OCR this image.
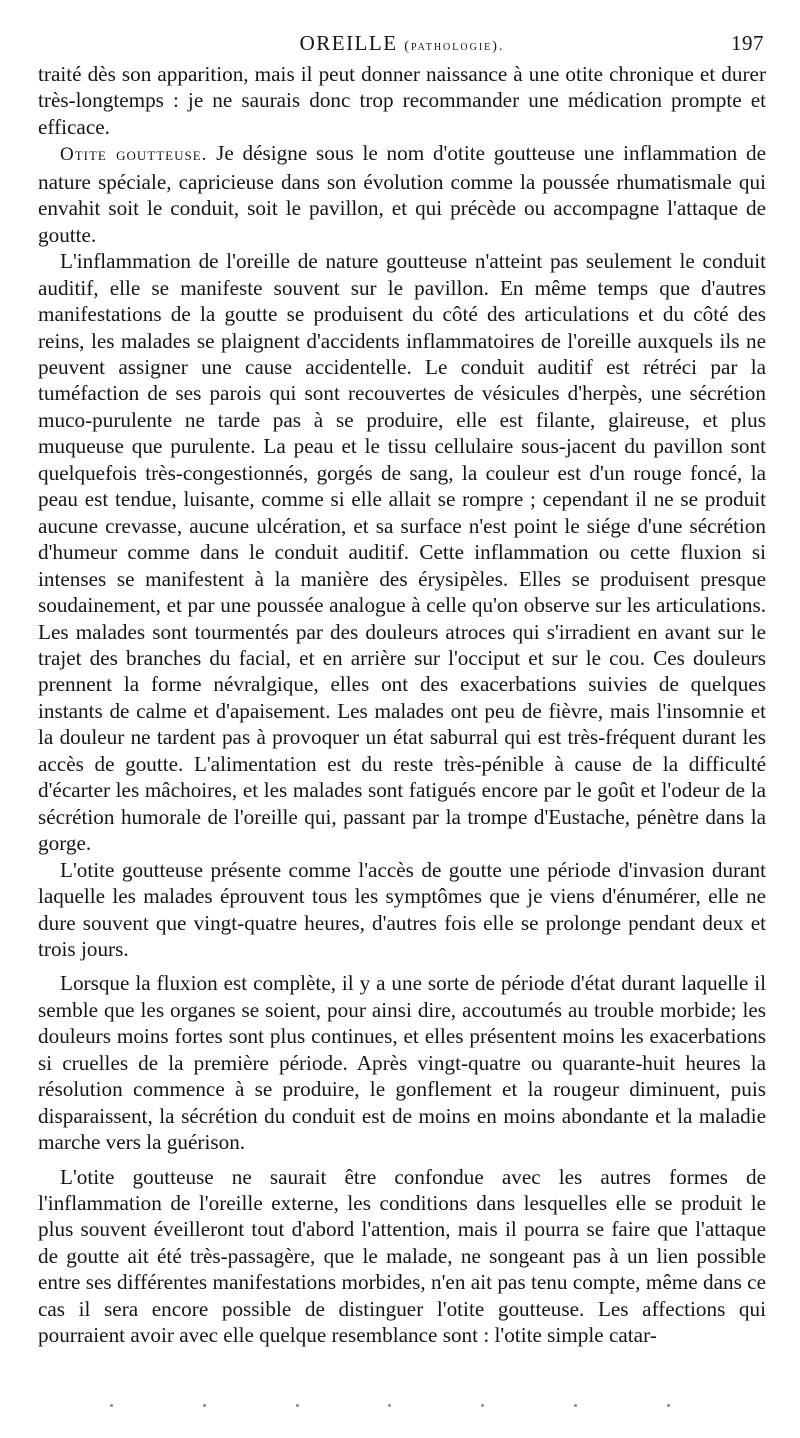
OREILLE (pathologie).	197

traité dès son apparition, mais il peut donner naissance à une otite chronique et durer très-longtemps : je ne saurais donc trop recommander une médication prompte et efficace.

Otite goutteuse. Je désigne sous le nom d'otite goutteuse une inflammation de nature spéciale, capricieuse dans son évolution comme la poussée rhumatismale qui envahit soit le conduit, soit le pavillon, et qui précède ou accompagne l'attaque de goutte.

L'inflammation de l'oreille de nature goutteuse n'atteint pas seulement le conduit auditif, elle se manifeste souvent sur le pavillon. En même temps que d'autres manifestations de la goutte se produisent du côté des articulations et du côté des reins, les malades se plaignent d'accidents inflammatoires de l'oreille auxquels ils ne peuvent assigner une cause accidentelle. Le conduit auditif est rétréci par la tuméfaction de ses parois qui sont recouvertes de vésicules d'herpès, une sécrétion muco-purulente ne tarde pas à se produire, elle est filante, glaireuse, et plus muqueuse que purulente. La peau et le tissu cellulaire sous-jacent du pavillon sont quelquefois très-congestionnés, gorgés de sang, la couleur est d'un rouge foncé, la peau est tendue, luisante, comme si elle allait se rompre ; cependant il ne se produit aucune crevasse, aucune ulcération, et sa surface n'est point le siége d'une sécrétion d'humeur comme dans le conduit auditif. Cette inflammation ou cette fluxion si intenses se manifestent à la manière des érysipèles. Elles se produisent presque soudainement, et par une poussée analogue à celle qu'on observe sur les articulations. Les malades sont tourmentés par des douleurs atroces qui s'irradient en avant sur le trajet des branches du facial, et en arrière sur l'occiput et sur le cou. Ces douleurs prennent la forme névralgique, elles ont des exacerbations suivies de quelques instants de calme et d'apaisement. Les malades ont peu de fièvre, mais l'insomnie et la douleur ne tardent pas à provoquer un état saburral qui est très-fréquent durant les accès de goutte. L'alimentation est du reste très-pénible à cause de la difficulté d'écarter les mâchoires, et les malades sont fatigués encore par le goût et l'odeur de la sécrétion humorale de l'oreille qui, passant par la trompe d'Eustache, pénètre dans la gorge.

L'otite goutteuse présente comme l'accès de goutte une période d'invasion durant laquelle les malades éprouvent tous les symptômes que je viens d'énumérer, elle ne dure souvent que vingt-quatre heures, d'autres fois elle se prolonge pendant deux et trois jours.

Lorsque la fluxion est complète, il y a une sorte de période d'état durant laquelle il semble que les organes se soient, pour ainsi dire, accoutumés au trouble morbide; les douleurs moins fortes sont plus continues, et elles présentent moins les exacerbations si cruelles de la première période. Après vingt-quatre ou quarante-huit heures la résolution commence à se produire, le gonflement et la rougeur diminuent, puis disparaissent, la sécrétion du conduit est de moins en moins abondante et la maladie marche vers la guérison.

L'otite goutteuse ne saurait être confondue avec les autres formes de l'inflammation de l'oreille externe, les conditions dans lesquelles elle se produit le plus souvent éveilleront tout d'abord l'attention, mais il pourra se faire que l'attaque de goutte ait été très-passagère, que le malade, ne songeant pas à un lien possible entre ses différentes manifestations morbides, n'en ait pas tenu compte, même dans ce cas il sera encore possible de distinguer l'otite goutteuse. Les affections qui pourraient avoir avec elle quelque resemblance sont : l'otite simple catar-
